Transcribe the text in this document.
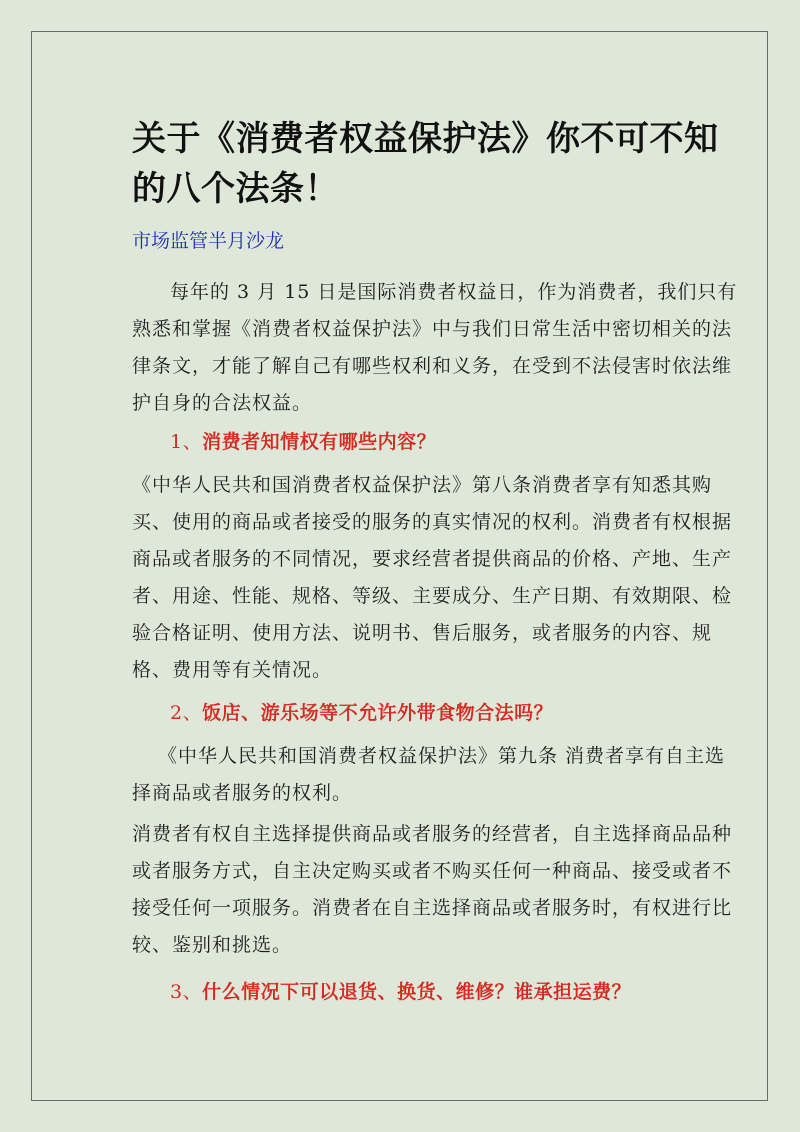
关于《消费者权益保护法》你不可不知的八个法条！
市场监管半月沙龙

每年的 3 月 15 日是国际消费者权益日，作为消费者，我们只有熟悉和掌握《消费者权益保护法》中与我们日常生活中密切相关的法律条文，才能了解自己有哪些权利和义务，在受到不法侵害时依法维护自身的合法权益。

1、消费者知情权有哪些内容？

《中华人民共和国消费者权益保护法》第八条消费者享有知悉其购买、使用的商品或者接受的服务的真实情况的权利。消费者有权根据商品或者服务的不同情况，要求经营者提供商品的价格、产地、生产者、用途、性能、规格、等级、主要成分、生产日期、有效期限、检验合格证明、使用方法、说明书、售后服务，或者服务的内容、规格、费用等有关情况。

2、饭店、游乐场等不允许外带食物合法吗？

《中华人民共和国消费者权益保护法》第九条 消费者享有自主选择商品或者服务的权利。

消费者有权自主选择提供商品或者服务的经营者，自主选择商品品种或者服务方式，自主决定购买或者不购买任何一种商品、接受或者不接受任何一项服务。消费者在自主选择商品或者服务时，有权进行比较、鉴别和挑选。

3、什么情况下可以退货、换货、维修？谁承担运费？
